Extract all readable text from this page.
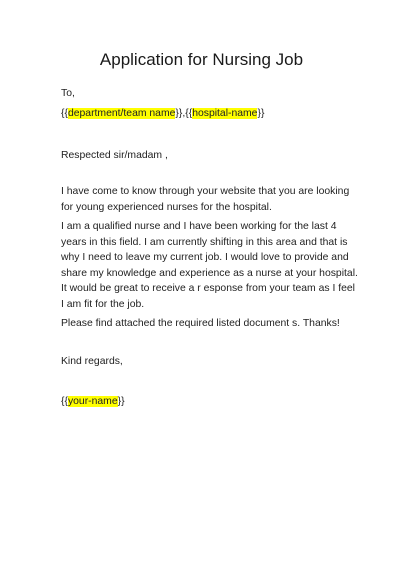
Application for Nursing Job
To,
{{department/team name}},{{hospital-name}}
Respected sir/madam ,
I have come to know through your website that you are looking
for young experienced nurses for the hospital.
I am a qualified nurse and I have been working for the last 4
years in this field. I am currently shifting in this area and that is
why I need to leave my current job. I would love to provide and
share my knowledge and experience as a nurse at your hospital.
It would be great to receive a r esponse from your team as I feel
I am fit for the job.
Please find attached the required listed document s. Thanks!
Kind regards,
{{your-name}}
